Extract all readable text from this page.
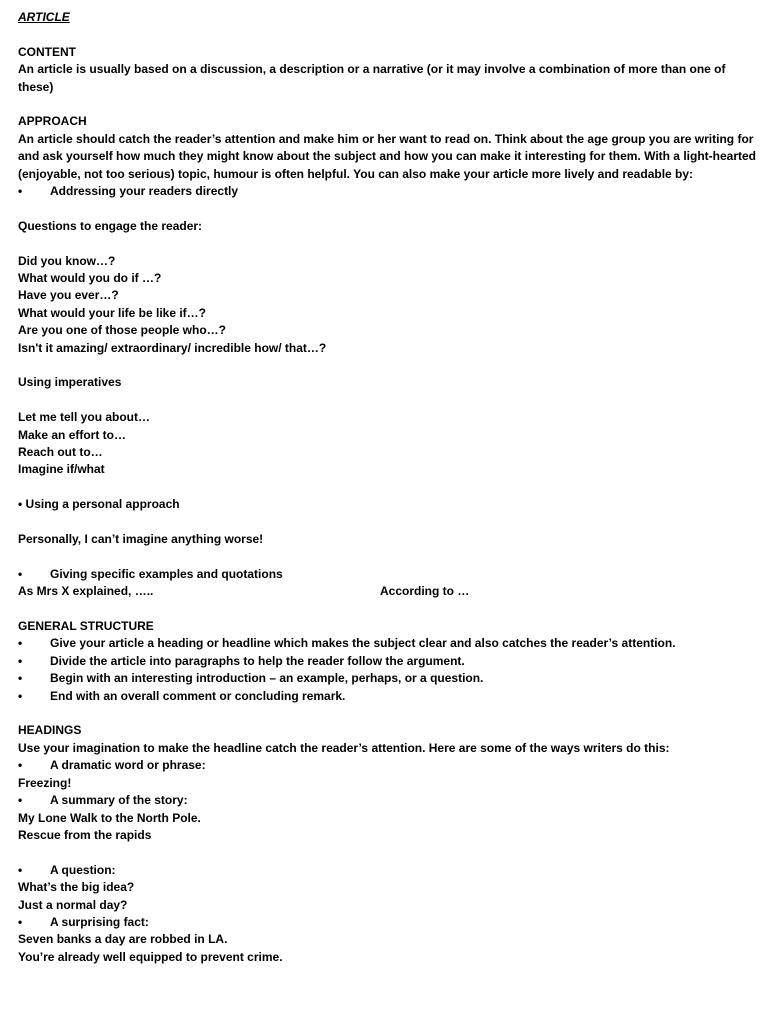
ARTICLE
CONTENT
An article is usually based on a discussion, a description or a narrative (or it may involve a combination of more than one of these)
APPROACH
An article should catch the reader’s attention and make him or her want to read on. Think about the age group you are writing for and ask yourself how much they might know about the subject and how you can make it interesting for them. With a light-hearted (enjoyable, not too serious) topic, humour is often helpful. You can also make your article more lively and readable by:
•	Addressing your readers directly
Questions to engage the reader:
Did you know…?
What would you do if …?
Have you ever…?
What would your life be like if…?
Are you one of those people who…?
Isn't it amazing/ extraordinary/ incredible how/ that…?
Using imperatives
Let me tell you about…
Make an effort to…
Reach out to…
Imagine if/what
• Using a personal approach
Personally, I can’t imagine anything worse!
•	Giving specific examples and quotations
As Mrs X explained, …..	According to …
GENERAL STRUCTURE
•	Give your article a heading or headline which makes the subject clear and also catches the reader’s attention.
•	Divide the article into paragraphs to help the reader follow the argument.
•	Begin with an interesting introduction – an example, perhaps, or a question.
•	End with an overall comment or concluding remark.
HEADINGS
Use your imagination to make the headline catch the reader’s attention. Here are some of the ways writers do this:
•	A dramatic word or phrase:
Freezing!
•	A summary of the story:
My Lone Walk to the North Pole.
Rescue from the rapids
•	A question:
What’s the big idea?
Just a normal day?
•	A surprising fact:
Seven banks a day are robbed in LA.
You’re already well equipped to prevent crime.
